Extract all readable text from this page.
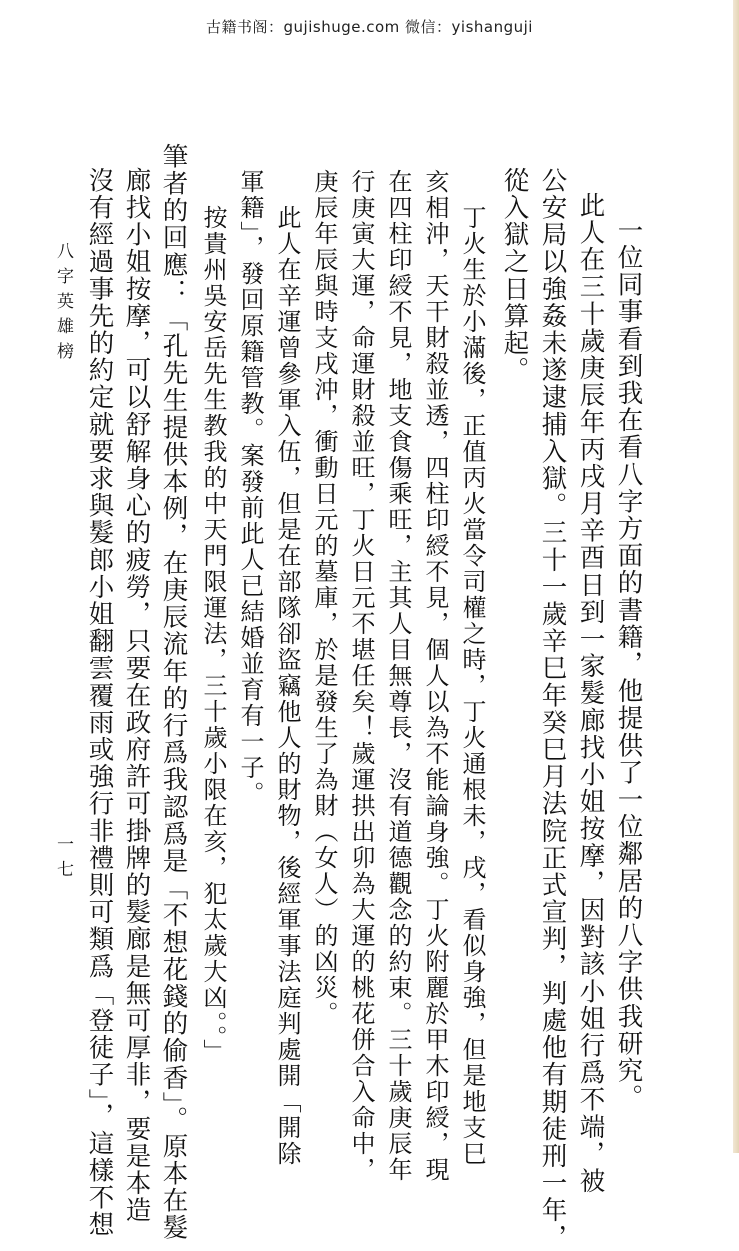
古籍书阁：gujishuge.com 微信：yishanguji
一位同事看到我在看八字方面的書籍，他提供了一位鄰居的八字供我研究。
此人在三十歲庚辰年丙戌月辛酉日到一家髮廊找小姐按摩，因對該小姐行爲不端，被
公安局以強姦未遂逮捕入獄。三十一歲辛巳年癸巳月法院正式宣判，判處他有期徒刑一年，
從入獄之日算起。
丁火生於小滿後，正值丙火當令司權之時，丁火通根未，戌，看似身強，但是地支巳
亥相沖，天干財殺並透，四柱印綬不見，個人以為不能論身強。丁火附麗於甲木印綬，現
在四柱印綬不見，地支食傷乘旺，主其人目無尊長，沒有道德觀念的約束。三十歲庚辰年
行庚寅大運，命運財殺並旺，丁火日元不堪任矣！歲運拱出卯為大運的桃花併合入命中，
庚辰年辰與時支戌沖，衝動日元的墓庫，於是發生了為財（女人）的凶災。
此人在辛運曾參軍入伍，但是在部隊卻盜竊他人的財物，後經軍事法庭判處開「開除
軍籍」，發回原籍管教。案發前此人已結婚並育有一子。
按貴州吳安岳先生教我的中天門限運法，三十歲小限在亥，犯太歲大凶。。」
筆者的回應：「孔先生提供本例，在庚辰流年的行爲我認爲是「不想花錢的偷香」。原本在髮
廊找小姐按摩，可以舒解身心的疲勞，只要在政府許可掛牌的髮廊是無可厚非，要是本造
沒有經過事先的約定就要求與髮郎小姐翻雲覆雨或強行非禮則可類爲「登徒子」，這樣不想
八字英雄榜
一七
